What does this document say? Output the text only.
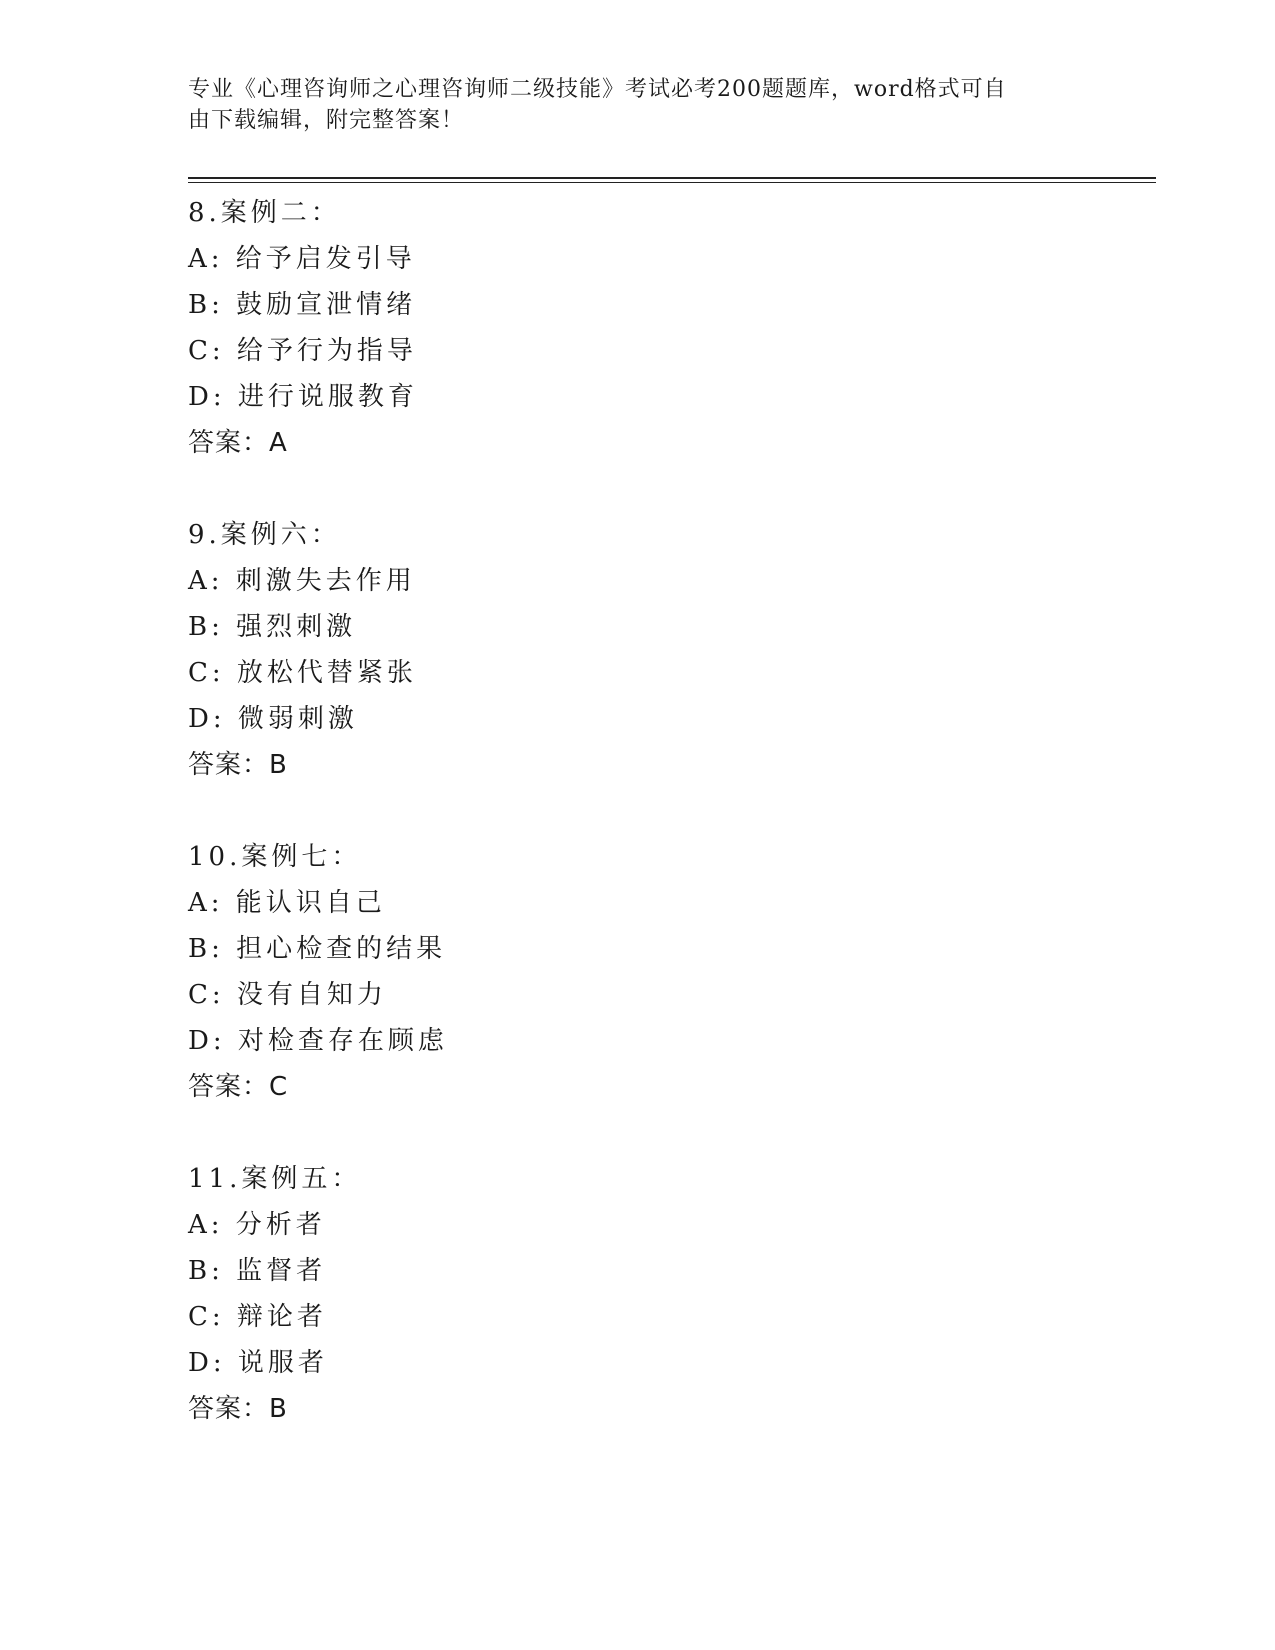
专业《心理咨询师之心理咨询师二级技能》考试必考200题题库，word格式可自
由下载编辑，附完整答案！
8.案例二：
A: 给予启发引导
B: 鼓励宣泄情绪
C: 给予行为指导
D: 进行说服教育
答案：A
9.案例六：
A: 刺激失去作用
B: 强烈刺激
C: 放松代替紧张
D: 微弱刺激
答案：B
10.案例七：
A: 能认识自己
B: 担心检查的结果
C: 没有自知力
D: 对检查存在顾虑
答案：C
11.案例五：
A: 分析者
B: 监督者
C: 辩论者
D: 说服者
答案：B
